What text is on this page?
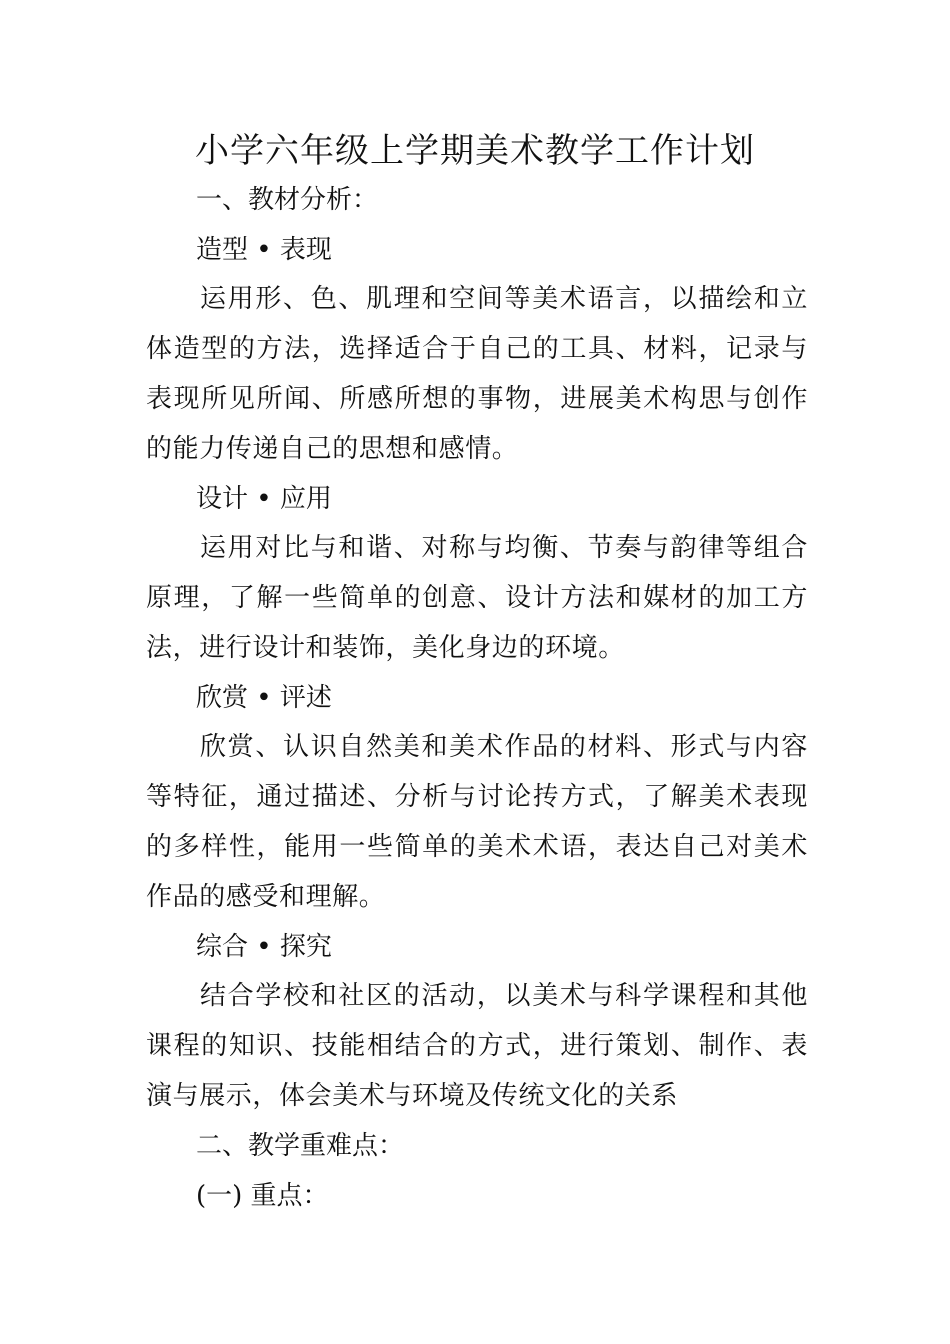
小学六年级上学期美术教学工作计划
一、教材分析：
造型 • 表现
运用形、色、肌理和空间等美术语言，以描绘和立体造型的方法，选择适合于自己的工具、材料，记录与表现所见所闻、所感所想的事物，进展美术构思与创作的能力传递自己的思想和感情。
设计 • 应用
运用对比与和谐、对称与均衡、节奏与韵律等组合原理，了解一些简单的创意、设计方法和媒材的加工方法，进行设计和装饰，美化身边的环境。
欣赏 • 评述
欣赏、认识自然美和美术作品的材料、形式与内容等特征，通过描述、分析与讨论抟方式，了解美术表现的多样性，能用一些简单的美术术语，表达自己对美术作品的感受和理解。
综合 • 探究
结合学校和社区的活动，以美术与科学课程和其他课程的知识、技能相结合的方式，进行策划、制作、表演与展示，体会美术与环境及传统文化的关系
二、教学重难点：
(一) 重点：
